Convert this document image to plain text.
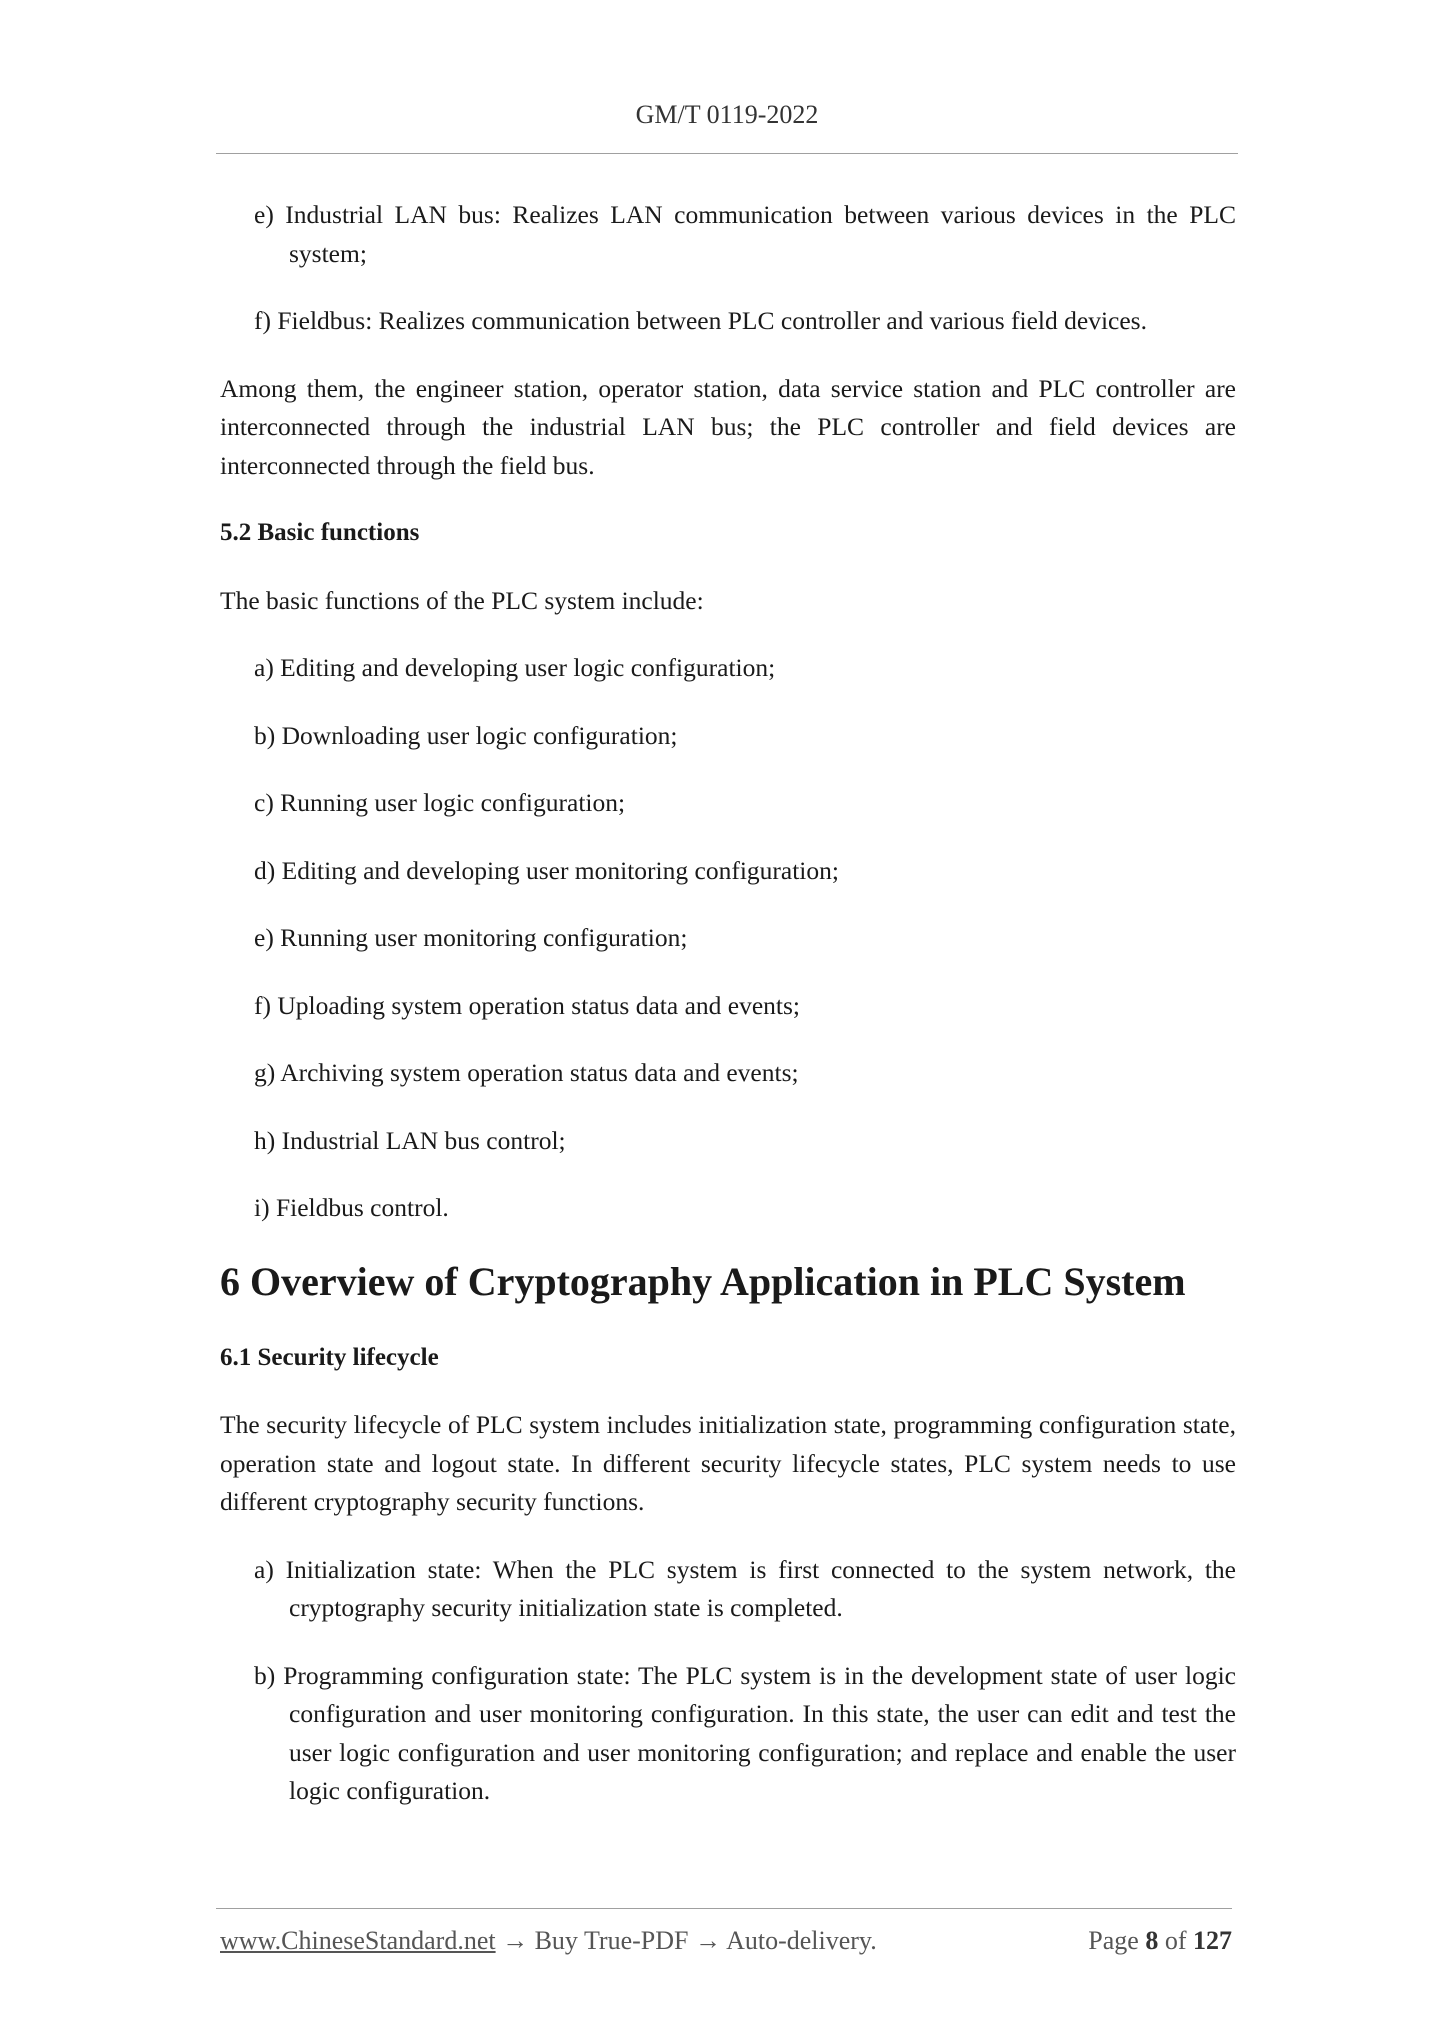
GM/T 0119-2022

e) Industrial LAN bus: Realizes LAN communication between various devices in the PLC system;

f) Fieldbus: Realizes communication between PLC controller and various field devices.

Among them, the engineer station, operator station, data service station and PLC controller are interconnected through the industrial LAN bus; the PLC controller and field devices are interconnected through the field bus.

5.2 Basic functions

The basic functions of the PLC system include:

a) Editing and developing user logic configuration;

b) Downloading user logic configuration;

c) Running user logic configuration;

d) Editing and developing user monitoring configuration;

e) Running user monitoring configuration;

f) Uploading system operation status data and events;

g) Archiving system operation status data and events;

h) Industrial LAN bus control;

i) Fieldbus control.

6 Overview of Cryptography Application in PLC System

6.1 Security lifecycle

The security lifecycle of PLC system includes initialization state, programming configuration state, operation state and logout state. In different security lifecycle states, PLC system needs to use different cryptography security functions.

a) Initialization state: When the PLC system is first connected to the system network, the cryptography security initialization state is completed.

b) Programming configuration state: The PLC system is in the development state of user logic configuration and user monitoring configuration. In this state, the user can edit and test the user logic configuration and user monitoring configuration; and replace and enable the user logic configuration.

www.ChineseStandard.net → Buy True-PDF → Auto-delivery.	Page 8 of 127
